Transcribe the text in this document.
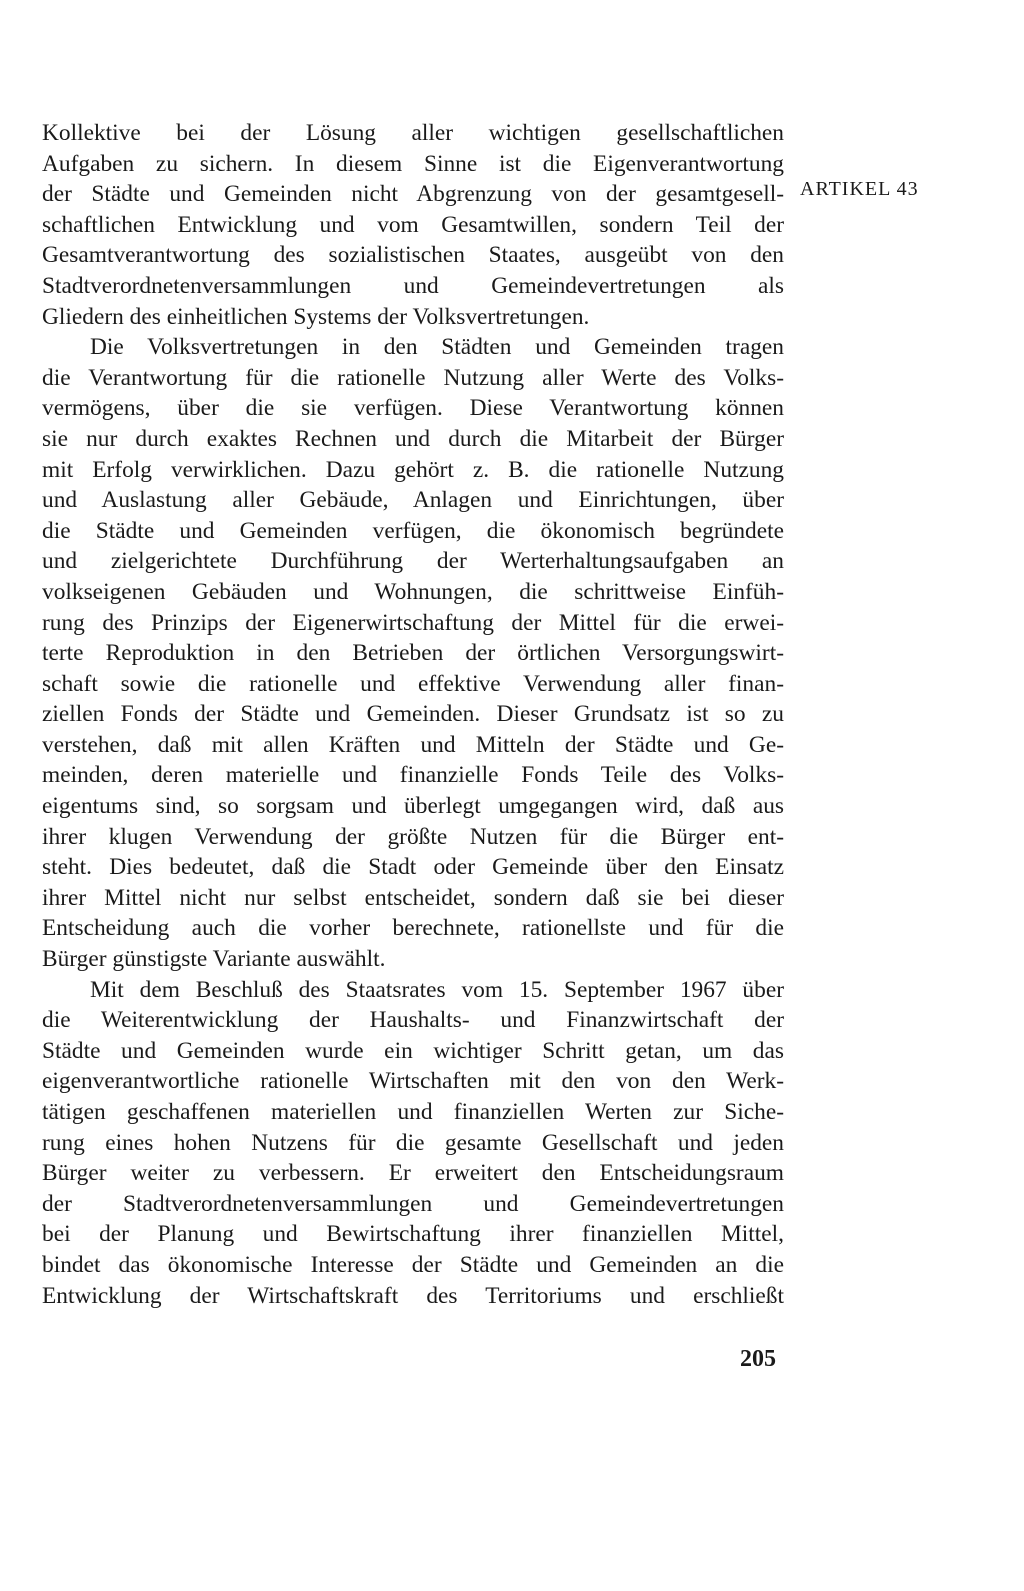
Kollektive bei der Lösung aller wichtigen gesellschaftlichen
Aufgaben zu sichern. In diesem Sinne ist die Eigenverantwortung
der Städte und Gemeinden nicht Abgrenzung von der gesamtgesell-
schaftlichen Entwicklung und vom Gesamtwillen, sondern Teil der
Gesamtverantwortung des sozialistischen Staates, ausgeübt von den
Stadtverordnetenversammlungen und Gemeindevertretungen als
Gliedern des einheitlichen Systems der Volksvertretungen.
Die Volksvertretungen in den Städten und Gemeinden tragen
die Verantwortung für die rationelle Nutzung aller Werte des Volks-
vermögens, über die sie verfügen. Diese Verantwortung können
sie nur durch exaktes Rechnen und durch die Mitarbeit der Bürger
mit Erfolg verwirklichen. Dazu gehört z. B. die rationelle Nutzung
und Auslastung aller Gebäude, Anlagen und Einrichtungen, über
die Städte und Gemeinden verfügen, die ökonomisch begründete
und zielgerichtete Durchführung der Werterhaltungsaufgaben an
volkseigenen Gebäuden und Wohnungen, die schrittweise Einfüh-
rung des Prinzips der Eigenerwirtschaftung der Mittel für die erwei-
terte Reproduktion in den Betrieben der örtlichen Versorgungswirt-
schaft sowie die rationelle und effektive Verwendung aller finan-
ziellen Fonds der Städte und Gemeinden. Dieser Grundsatz ist so zu
verstehen, daß mit allen Kräften und Mitteln der Städte und Ge-
meinden, deren materielle und finanzielle Fonds Teile des Volks-
eigentums sind, so sorgsam und überlegt umgegangen wird, daß aus
ihrer klugen Verwendung der größte Nutzen für die Bürger ent-
steht. Dies bedeutet, daß die Stadt oder Gemeinde über den Einsatz
ihrer Mittel nicht nur selbst entscheidet, sondern daß sie bei dieser
Entscheidung auch die vorher berechnete, rationellste und für die
Bürger günstigste Variante auswählt.
Mit dem Beschluß des Staatsrates vom 15. September 1967 über
die Weiterentwicklung der Haushalts- und Finanzwirtschaft der
Städte und Gemeinden wurde ein wichtiger Schritt getan, um das
eigenverantwortliche rationelle Wirtschaften mit den von den Werk-
tätigen geschaffenen materiellen und finanziellen Werten zur Siche-
rung eines hohen Nutzens für die gesamte Gesellschaft und jeden
Bürger weiter zu verbessern. Er erweitert den Entscheidungsraum
der Stadtverordnetenversammlungen und Gemeindevertretungen
bei der Planung und Bewirtschaftung ihrer finanziellen Mittel,
bindet das ökonomische Interesse der Städte und Gemeinden an die
Entwicklung der Wirtschaftskraft des Territoriums und erschließt
ARTIKEL 43
205
